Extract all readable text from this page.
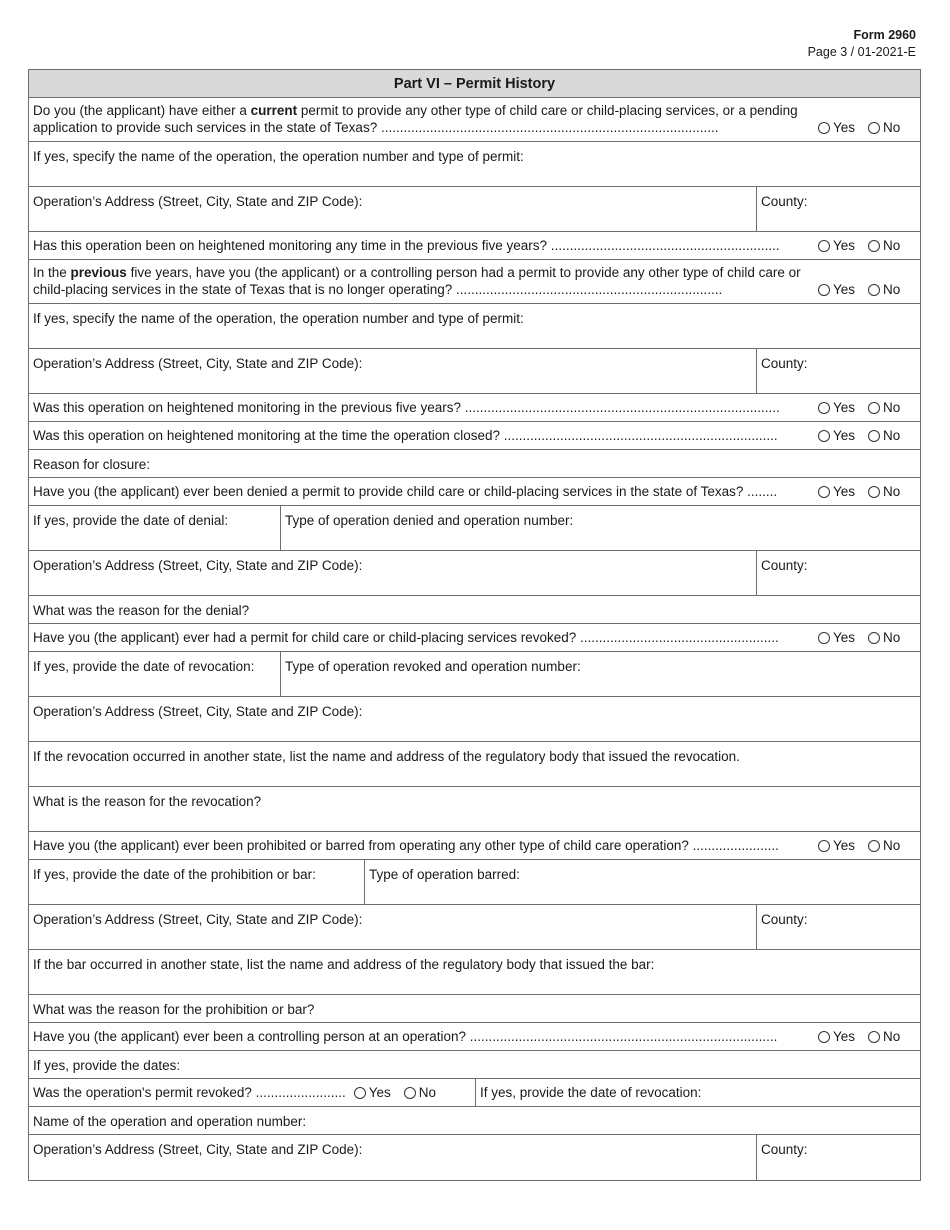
Form 2960
Page 3 / 01-2021-E
Part VI – Permit History
Do you (the applicant) have either a current permit to provide any other type of child care or child-placing services, or a pending application to provide such services in the state of Texas? ..........................................................................................	Yes No
If yes, specify the name of the operation, the operation number and type of permit:
Operation’s Address (Street, City, State and ZIP Code):	County:
Has this operation been on heightened monitoring any time in the previous five years? .............................................................	Yes No
In the previous five years, have you (the applicant) or a controlling person had a permit to provide any other type of child care or child-placing services in the state of Texas that is no longer operating? .......................................................................	Yes No
If yes, specify the name of the operation, the operation number and type of permit:
Operation’s Address (Street, City, State and ZIP Code):	County:
Was this operation on heightened monitoring in the previous five years? ....................................................................................	Yes No
Was this operation on heightened monitoring at the time the operation closed? .........................................................................	Yes No
Reason for closure:
Have you (the applicant) ever been denied a permit to provide child care or child-placing services in the state of Texas? ........	Yes No
If yes, provide the date of denial:	Type of operation denied and operation number:
Operation’s Address (Street, City, State and ZIP Code):	County:
What was the reason for the denial?
Have you (the applicant) ever had a permit for child care or child-placing services revoked? .....................................................	Yes No
If yes, provide the date of revocation:	Type of operation revoked and operation number:
Operation’s Address (Street, City, State and ZIP Code):
If the revocation occurred in another state, list the name and address of the regulatory body that issued the revocation.
What is the reason for the revocation?
Have you (the applicant) ever been prohibited or barred from operating any other type of child care operation? .......................	Yes No
If yes, provide the date of the prohibition or bar:	Type of operation barred:
Operation’s Address (Street, City, State and ZIP Code):	County:
If the bar occurred in another state, list the name and address of the regulatory body that issued the bar:
What was the reason for the prohibition or bar?
Have you (the applicant) ever been a controlling person at an operation? ..................................................................................	Yes No
If yes, provide the dates:
Was the operation's permit revoked? ........................ Yes No	If yes, provide the date of revocation:
Name of the operation and operation number:
Operation’s Address (Street, City, State and ZIP Code):	County:
